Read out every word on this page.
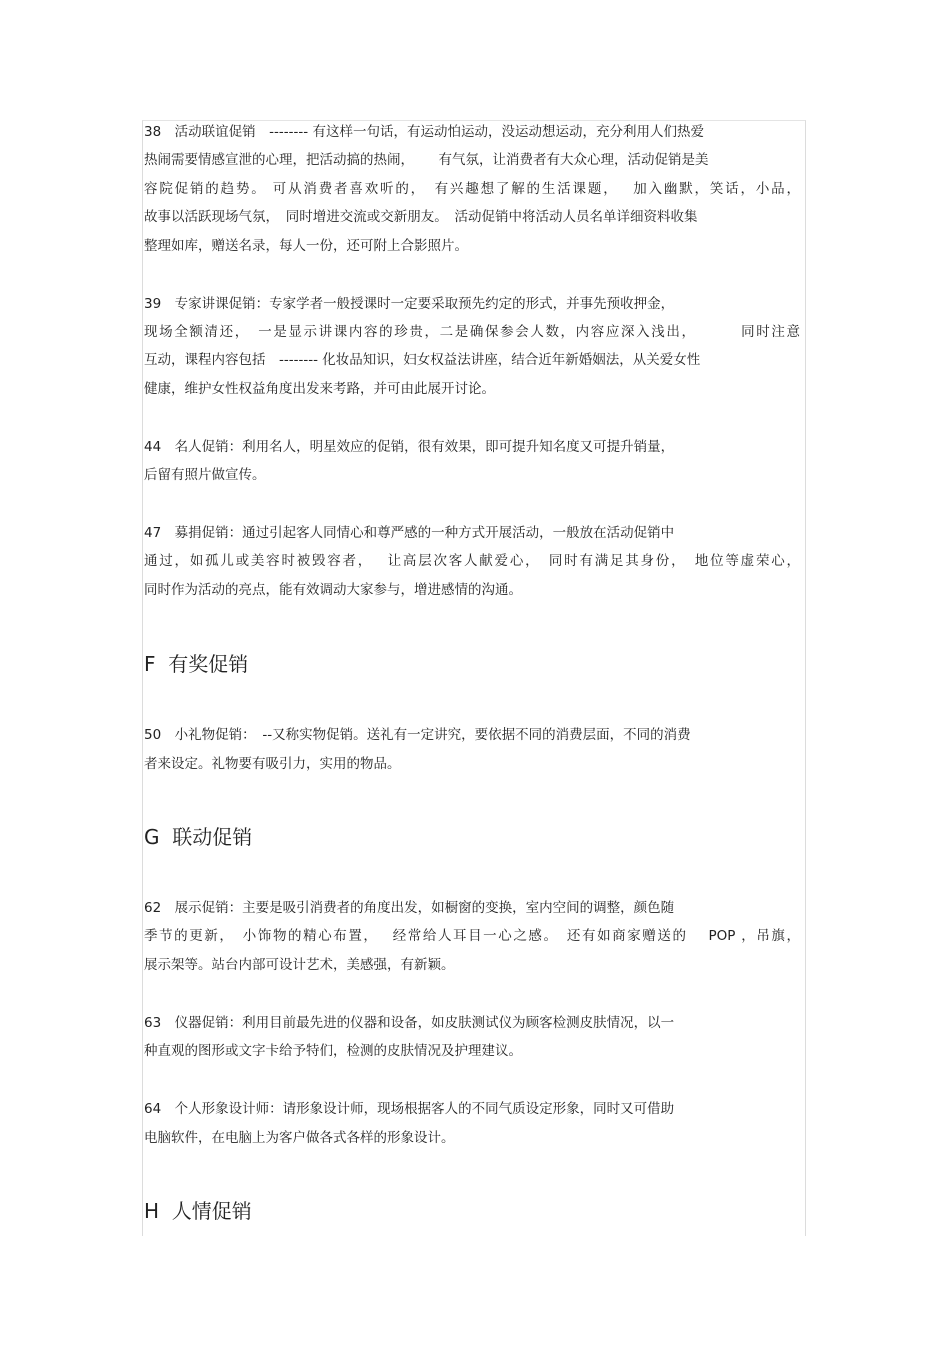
38　活动联谊促销　-------- 有这样一句话，有运动怕运动，没运动想运动，充分利用人们热爱
热闹需要情感宣泄的心理，把活动搞的热闹，　　 有气氛，让消费者有大众心理，活动促销是美
容院促销的趋势。 可从消费者喜欢听的，　有兴趣想了解的生活课题，　 加入幽默，笑话，小品，
故事以活跃现场气氛，　同时增进交流或交新朋友。　活动促销中将活动人员名单详细资料收集
整理如库，赠送名录，每人一份，还可附上合影照片。
39　专家讲课促销：专家学者一般授课时一定要采取预先约定的形式，并事先预收押金，
现场全额清还，　一是显示讲课内容的珍贵，二是确保参会人数，内容应深入浅出，　　　 同时注意
互动，课程内容包括　-------- 化妆品知识，妇女权益法讲座，结合近年新婚姻法，从关爱女性
健康，维护女性权益角度出发来考路，并可由此展开讨论。
44　名人促销：利用名人，明星效应的促销，很有效果，即可提升知名度又可提升销量，
后留有照片做宣传。
47　募捐促销：通过引起客人同情心和尊严感的一种方式开展活动，一般放在活动促销中
通过，如孤儿或美容时被毁容者，　 让高层次客人献爱心，　同时有满足其身份，　地位等虚荣心，
同时作为活动的亮点，能有效调动大家参与，增进感情的沟通。
F  有奖促销
50　小礼物促销：　--又称实物促销。送礼有一定讲究，要依据不同的消费层面，不同的消费
者来设定。礼物要有吸引力，实用的物品。
G  联动促销
62　展示促销：主要是吸引消费者的角度出发，如橱窗的变换，室内空间的调整，颜色随
季节的更新，　小饰物的精心布置，　 经常给人耳目一心之感。　还有如商家赠送的　 POP ，吊旗，
展示架等。站台内部可设计艺术，美感强，有新颖。
63　仪器促销：利用目前最先进的仪器和设备，如皮肤测试仪为顾客检测皮肤情况，以一
种直观的图形或文字卡给予特们，检测的皮肤情况及护理建议。
64　个人形象设计师：请形象设计师，现场根据客人的不同气质设定形象，同时又可借助
电脑软件，在电脑上为客户做各式各样的形象设计。
H  人情促销
